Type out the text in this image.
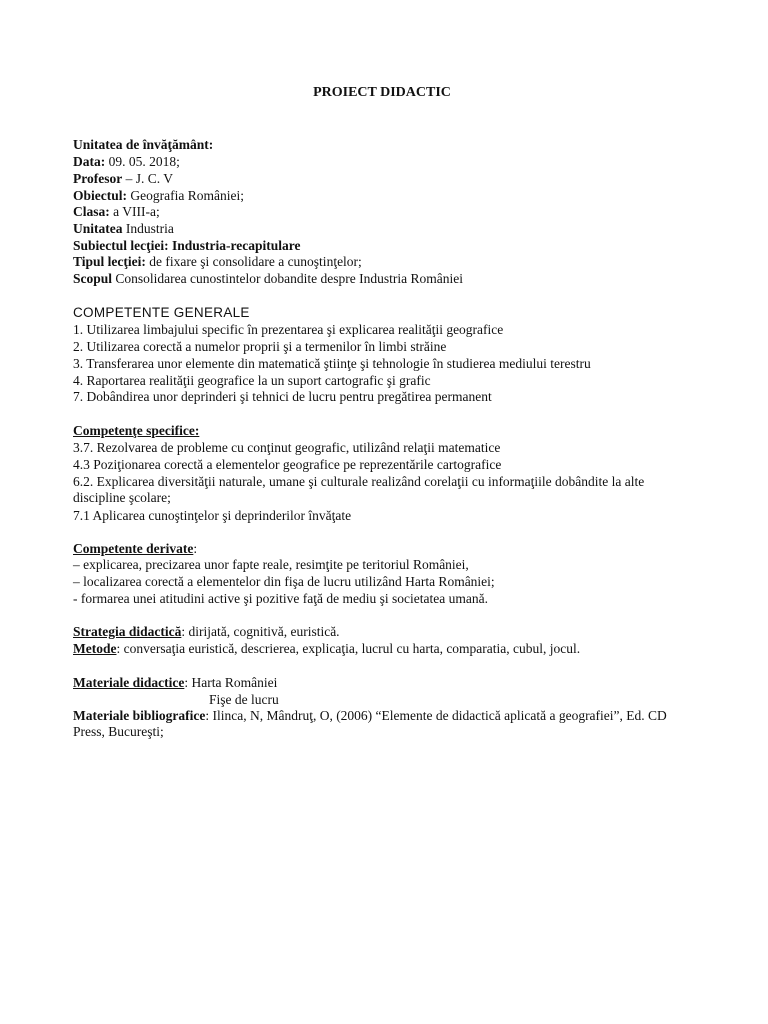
PROIECT DIDACTIC
Unitatea de învăţământ:
Data: 09. 05. 2018;
Profesor – J. C. V
Obiectul: Geografia României;
Clasa: a VIII-a;
Unitatea Industria
Subiectul lecţiei: Industria-recapitulare
Tipul lecţiei: de fixare şi consolidare a cunoştinţelor;
Scopul Consolidarea cunostintelor dobandite despre Industria României
COMPETENTE GENERALE
1. Utilizarea limbajului specific în prezentarea şi explicarea realităţii geografice
2. Utilizarea corectă a numelor proprii şi a termenilor în limbi străine
3. Transferarea unor elemente din matematică ştiinţe şi tehnologie în studierea mediului terestru
4. Raportarea realităţii geografice la un suport cartografic şi grafic
7. Dobândirea unor deprinderi şi tehnici de lucru pentru pregătirea permanent
Competenţe specifice:
3.7. Rezolvarea de probleme cu conţinut geografic, utilizând relaţii matematice
4.3 Poziţionarea corectă a elementelor geografice pe reprezentările cartografice
6.2. Explicarea diversităţii naturale, umane şi culturale realizând corelaţii cu informaţiile dobândite la alte discipline şcolare;
7.1 Aplicarea cunoştinţelor şi deprinderilor învăţate
Competente derivate:
– explicarea, precizarea unor fapte reale, resimţite pe teritoriul României,
– localizarea corectă a elementelor din fişa de lucru utilizând Harta României;
- formarea unei atitudini active şi pozitive faţă de mediu şi societatea umană.
Strategia didactică: dirijată, cognitivă, euristică.
Metode: conversaţia euristică, descrierea, explicaţia, lucrul cu harta, comparatia, cubul, jocul.
Materiale didactice: Harta României
Fişe de lucru
Materiale bibliografice: Ilinca, N, Mândruţ, O, (2006) “Elemente de didactică aplicată a geografiei”, Ed. CD Press, Bucureşti;
